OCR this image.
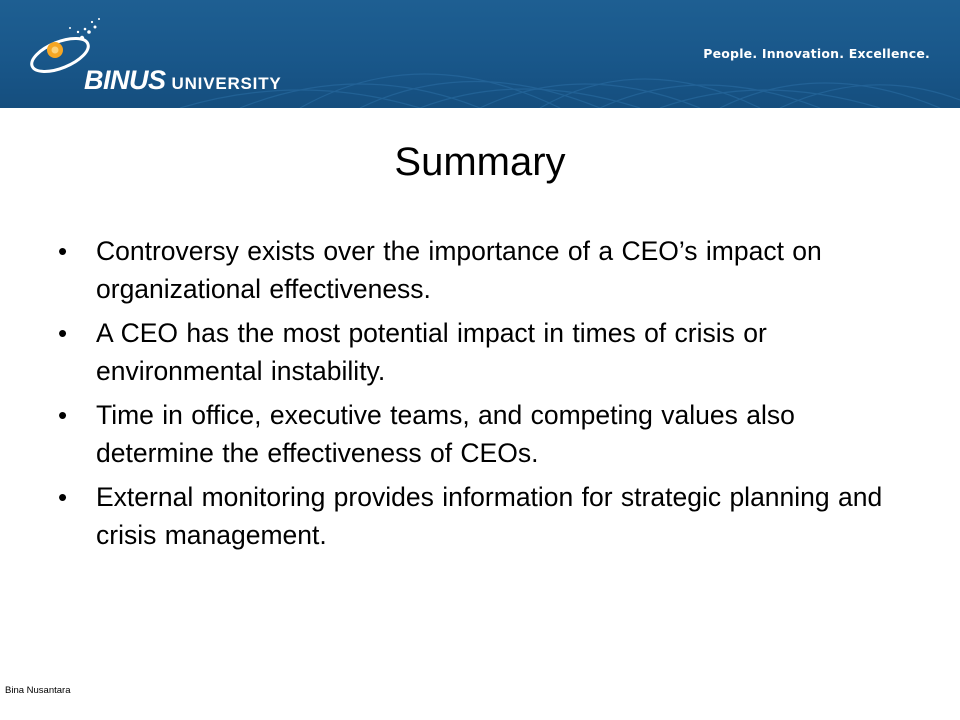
BINUS UNIVERSITY
People. Innovation. Excellence.
Summary
• Controversy exists over the importance of a CEO’s impact on organizational effectiveness.
• A CEO has the most potential impact in times of crisis or environmental instability.
• Time in office, executive teams, and competing values also determine the effectiveness of CEOs.
• External monitoring provides information for strategic planning and crisis management.
Bina Nusantara
